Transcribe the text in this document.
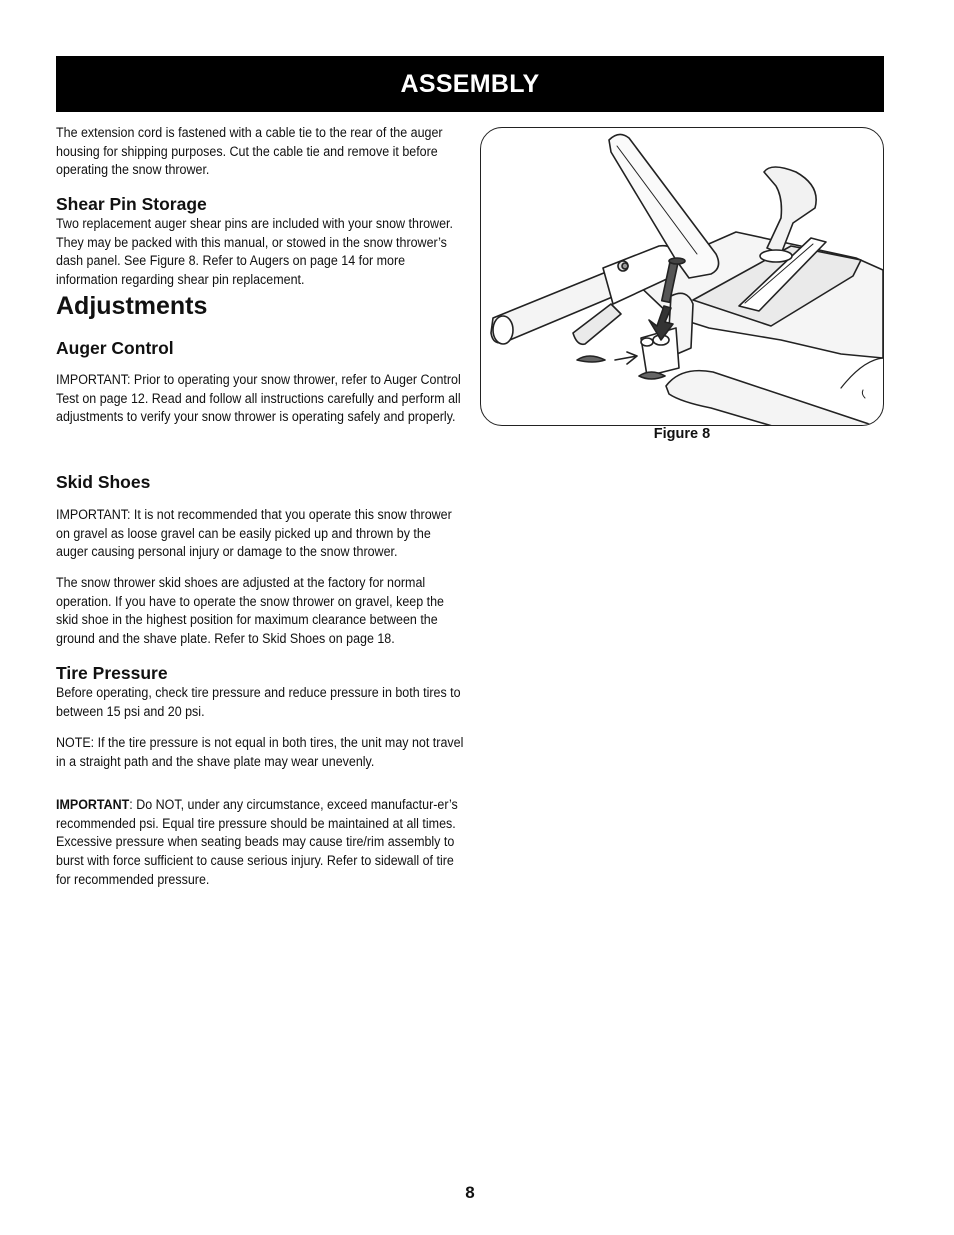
ASSEMBLY

The extension cord is fastened with a cable tie to the rear of the auger housing for shipping purposes. Cut the cable tie and remove it before operating the snow thrower.

Shear Pin Storage

Two replacement auger shear pins are included with your snow thrower. They may be packed with this manual, or stowed in the snow thrower’s dash panel. See Figure 8. Refer to Augers on page 14 for more information regarding shear pin replacement.

Adjustments
Auger Control

IMPORTANT: Prior to operating your snow thrower, refer to Auger Control Test on page 12. Read and follow all instructions carefully and perform all adjustments to verify your snow thrower is operating safely and properly.

Skid Shoes

IMPORTANT: It is not recommended that you operate this snow thrower on gravel as loose gravel can be easily picked up and thrown by the auger causing personal injury or damage to the snow thrower.

The snow thrower skid shoes are adjusted at the factory for normal operation. If you have to operate the snow thrower on gravel, keep the skid shoe in the highest position for maximum clearance between the ground and the shave plate. Refer to Skid Shoes on page 18.

Tire Pressure

Before operating, check tire pressure and reduce pressure in both tires to between 15 psi and 20 psi.

NOTE: If the tire pressure is not equal in both tires, the unit may not travel in a straight path and the shave plate may wear unevenly.

IMPORTANT: Do NOT, under any circumstance, exceed manufactur-er’s recommended psi. Equal tire pressure should be maintained at all times. Excessive pressure when seating beads may cause tire/rim assembly to burst with force sufficient to cause serious injury. Refer to sidewall of tire for recommended pressure.

Figure 8
8
